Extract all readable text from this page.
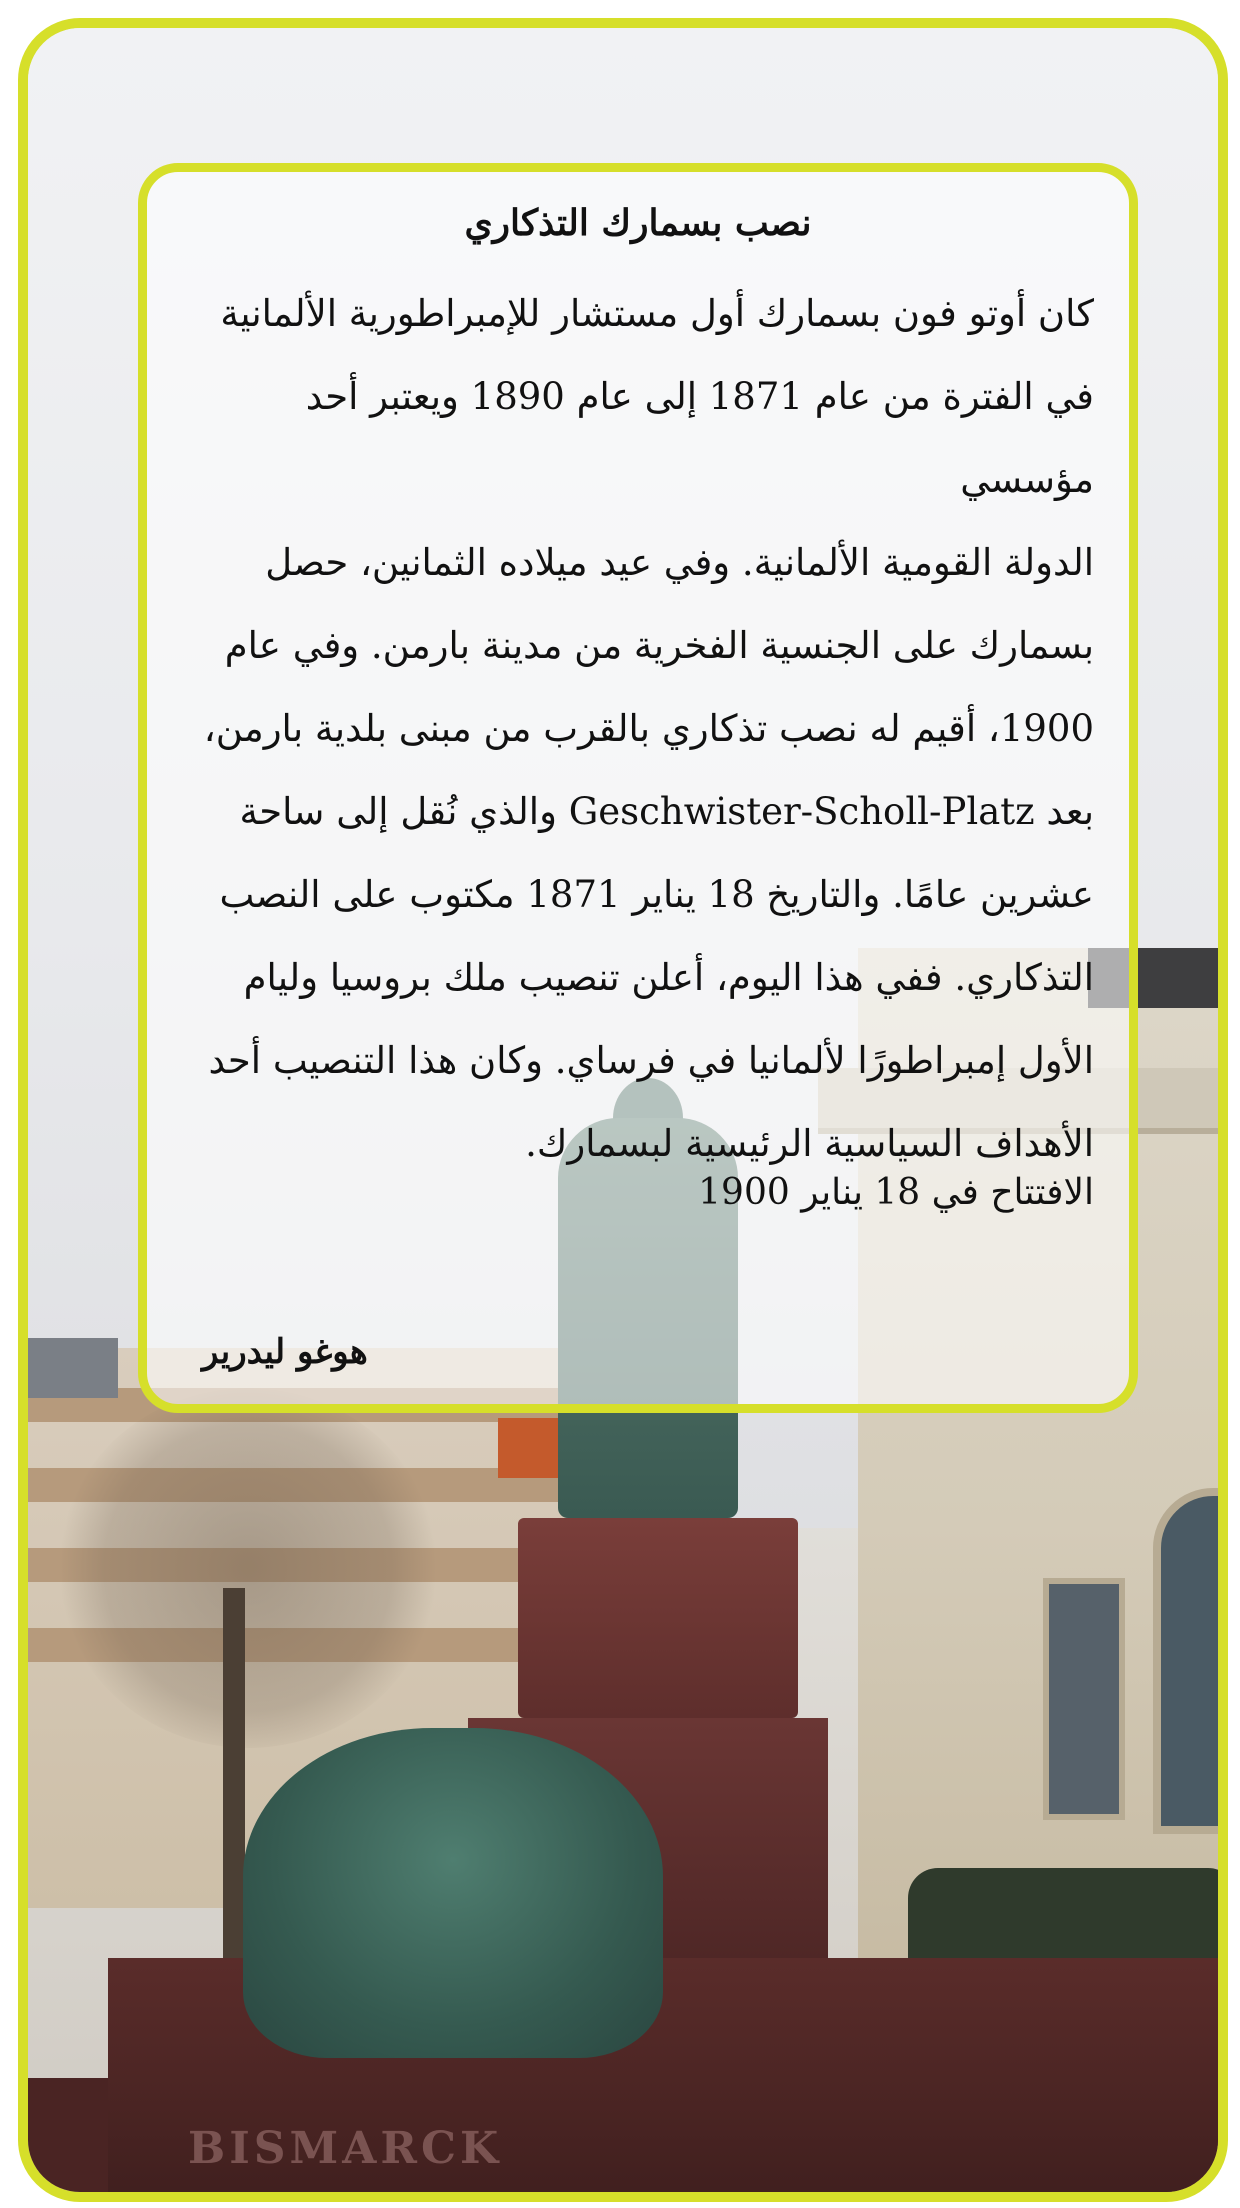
BISMARCK
نصب بسمارك التذكاري
كان أوتو فون بسمارك أول مستشار للإمبراطورية الألمانية
في الفترة من عام 1871 إلى عام 1890 ويعتبر أحد مؤسسي
الدولة القومية الألمانية. وفي عيد ميلاده الثمانين، حصل
بسمارك على الجنسية الفخرية من مدينة بارمن. وفي عام
1900، أقيم له نصب تذكاري بالقرب من مبنى بلدية بارمن،
بعد Geschwister-Scholl-Platz والذي نُقل إلى ساحة
عشرين عامًا. والتاريخ 18 يناير 1871 مكتوب على النصب
التذكاري. ففي هذا اليوم، أعلن تنصيب ملك بروسيا وليام
الأول إمبراطورًا لألمانيا في فرساي. وكان هذا التنصيب أحد
الأهداف السياسية الرئيسية لبسمارك.
الافتتاح في 18 يناير 1900
هوغو ليدرير
